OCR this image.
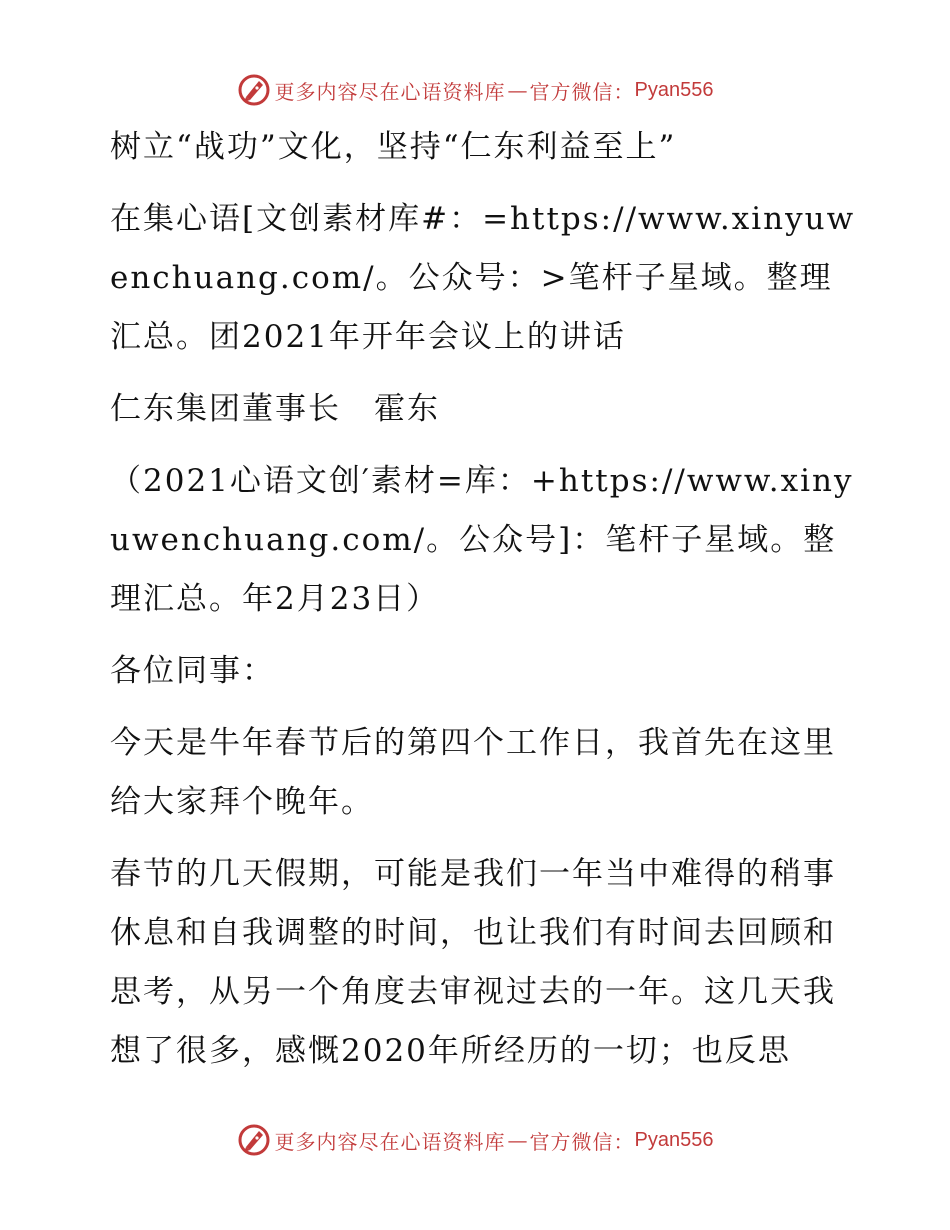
更多内容尽在心语资料库 — 官方微信： Pyan556

树立“战功”文化，坚持“仁东利益至上”

在集心语[文创素材库#：=https://www.xinyuwenchuang.com/。公众号：>笔杆子星域。整理汇总。团2021年开年会议上的讲话

仁东集团董事长　霍东

（2021心语文创′素材=库：+https://www.xinyuwenchuang.com/。公众号]：笔杆子星域。整理汇总。年2月23日）

各位同事：

今天是牛年春节后的第四个工作日，我首先在这里给大家拜个晚年。

春节的几天假期，可能是我们一年当中难得的稍事休息和自我调整的时间，也让我们有时间去回顾和思考，从另一个角度去审视过去的一年。这几天我想了很多，感慨2020年所经历的一切；也反思

更多内容尽在心语资料库 — 官方微信： Pyan556
